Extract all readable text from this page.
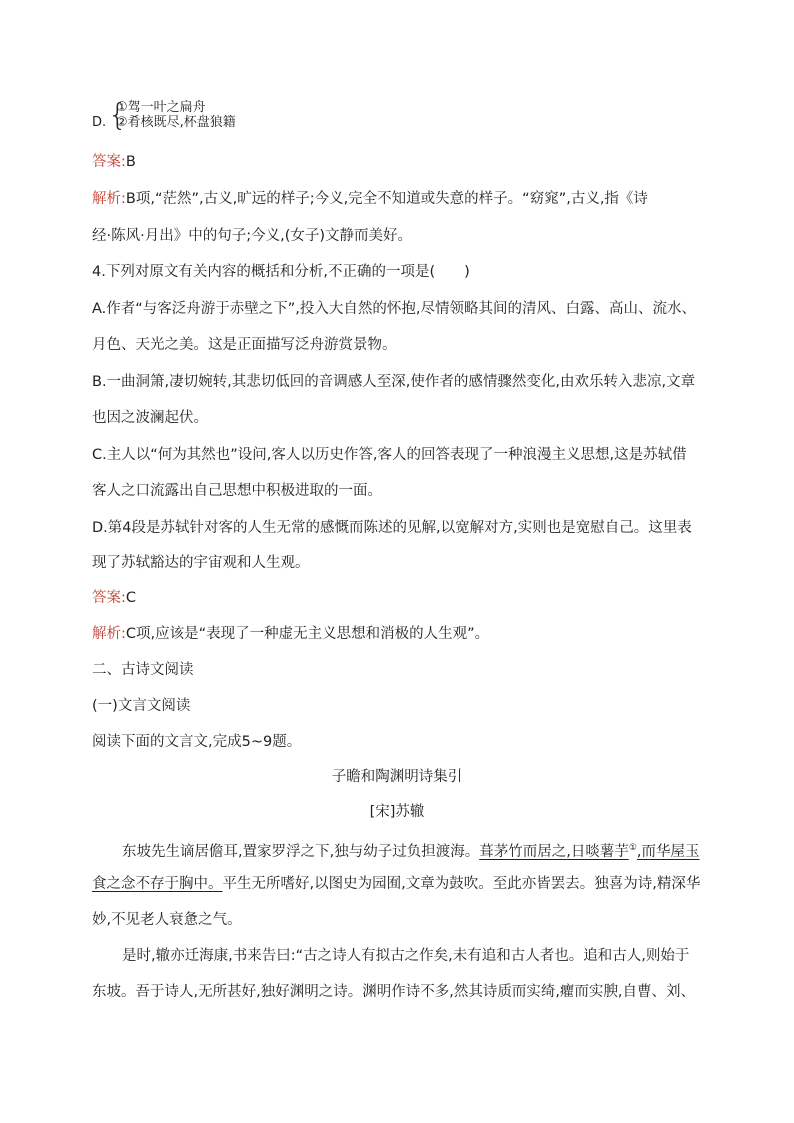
D. {
①驾一叶之扁舟
②肴核既尽,杯盘狼籍
答案:B
解析:B项,“茫然”,古义,旷远的样子;今义,完全不知道或失意的样子。“窈窕”,古义,指《诗
经·陈风·月出》中的句子;今义,(女子)文静而美好。
4.下列对原文有关内容的概括和分析,不正确的一项是(　　)
A.作者“与客泛舟游于赤壁之下”,投入大自然的怀抱,尽情领略其间的清风、白露、高山、流水、
月色、天光之美。这是正面描写泛舟游赏景物。
B.一曲洞箫,凄切婉转,其悲切低回的音调感人至深,使作者的感情骤然变化,由欢乐转入悲凉,文章
也因之波澜起伏。
C.主人以“何为其然也”设问,客人以历史作答,客人的回答表现了一种浪漫主义思想,这是苏轼借
客人之口流露出自己思想中积极进取的一面。
D.第4段是苏轼针对客的人生无常的感慨而陈述的见解,以宽解对方,实则也是宽慰自己。这里表
现了苏轼豁达的宇宙观和人生观。
答案:C
解析:C项,应该是“表现了一种虚无主义思想和消极的人生观”。
二、古诗文阅读
(一)文言文阅读
阅读下面的文言文,完成5~9题。
子瞻和陶渊明诗集引
[宋]苏辙
东坡先生谪居儋耳,置家罗浮之下,独与幼子过负担渡海。葺茅竹而居之,日啖薯芋①,而华屋玉
食之念不存于胸中。平生无所嗜好,以图史为园囿,文章为鼓吹。至此亦皆罢去。独喜为诗,精深华
妙,不见老人衰惫之气。
是时,辙亦迁海康,书来告曰:“古之诗人有拟古之作矣,未有追和古人者也。追和古人,则始于
东坡。吾于诗人,无所甚好,独好渊明之诗。渊明作诗不多,然其诗质而实绮,癯而实腴,自曹、刘、
